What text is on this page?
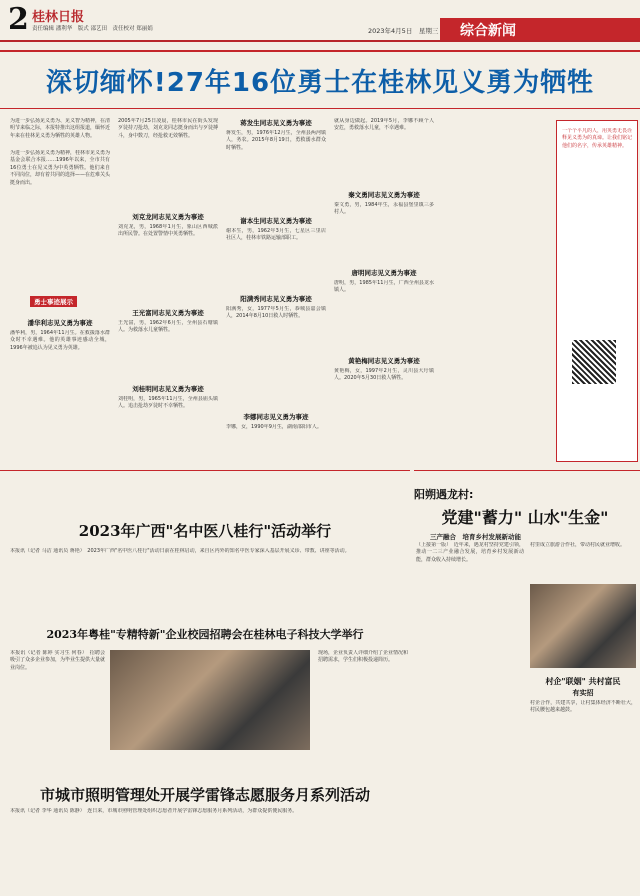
2 桂林日报
责任编辑 潘利华　版式 邵艺田　责任校对 郑丽娟	2023年4月5日　星期三 综合新闻
深切缅怀!27年16位勇士在桂林见义勇为牺牲
为进一步弘扬见义勇为、见义智为精神，在清明节来临之际，本报特推出这组报道，缅怀近年来在桂林见义勇为牺牲的英雄人物。
为进一步弘扬见义勇为精神，桂林市见义勇为基金会联合本报……1996年以来，全市共有16位勇士在见义勇为中英勇牺牲。他们来自不同岗位，却有着共同的选择——在危难关头挺身而出。
勇士事迹展示
潘华利志见义勇为事迹
潘华利，男，1964年11月生。在救援落水群众时不幸遇难。他的英雄事迹感动全城，1996年被追认为见义勇为英雄。
2005年7月25日凌晨，桂林市民在街头发现歹徒持刀抢劫，刘克龙同志挺身而出与歹徒搏斗，身中数刀，经抢救无效牺牲。
刘克龙同志见义勇为事迹
刘克龙，男，1968年1月生，象山区西城派出所民警。在处置警情中英勇牺牲。
王光富同志见义勇为事迹
王光富，男，1962年6月生，全州县石塘镇人。为救落水儿童牺牲。
刘桂明同志见义勇为事迹
刘桂明，男，1965年11月生，全州县庙头镇人。追击抢劫歹徒时不幸牺牲。
蒋发生同志见义勇为事迹
蒋发生，男，1976年12月生，全州县两河镇人，务农。2015年8月19日，勇救溺水群众时牺牲。
谢本生同志见义勇为事迹
谢本生，男，1962年3月生，七星区三里店社区人，桂林市铁路运输部职工。
阳满秀同志见义勇为事迹
阳满秀，女，1977年5月生，恭城县嘉会镇人，2014年8月10日救人时牺牲。
李娜同志见义勇为事迹
李娜，女，1990年9月生，湖南邵阳市人。
就从身边做起。2019年5月，李娜不顾个人安危，勇救落水儿童，不幸遇难。
秦文勇同志见义勇为事迹
秦文勇，男，1984年生，永福县堡里镇三多村人。
唐明同志见义勇为事迹
唐明，男，1985年11月生，广西全州县龙水镇人。
黄艳梅同志见义勇为事迹
黄艳梅，女，1997年2月生，灵川县大圩镇人。2020年5月30日救人牺牲。
一个个平凡的人，用英勇无畏诠释见义勇为的真谛。让我们铭记他们的名字，传承英雄精神。
2023年广西"名中医八桂行"活动举行
本报讯（记者 马洁 通讯员 蒋艳）　2023年广西"名中医八桂行"活动日前在桂林启动，来自区内外的知名中医专家深入基层开展义诊、带教、讲座等活动。
2023年粤桂"专精特新"企业校园招聘会在桂林电子科技大学举行
本报讯（记者 陈婷 实习生 何春）　招聘会吸引了众多企业参加，为毕业生提供大量就业岗位。
现场，企业负责人详细介绍了企业情况和招聘需求，学生们积极投递简历。
市城市照明管理处开展学雷锋志愿服务月系列活动
本报讯（记者 李华 通讯员 陈静）　连日来，市城市照明管理处组织志愿者开展学雷锋志愿服务月系列活动，为群众提供便民服务。
阳朔遇龙村:
党建"蓄力" 山水"生金"
三产融合　培育乡村发展新动能
（上接第一版）　近年来，遇龙村坚持党建引领，推动一二三产业融合发展，培育乡村发展新动能，群众收入持续增长。
村里成立旅游合作社，带动村民就业增收。
村企"联姻" 共村富民
有实招
村企合作，共建共享，让村集体经济不断壮大，村民腰包越来越鼓。
